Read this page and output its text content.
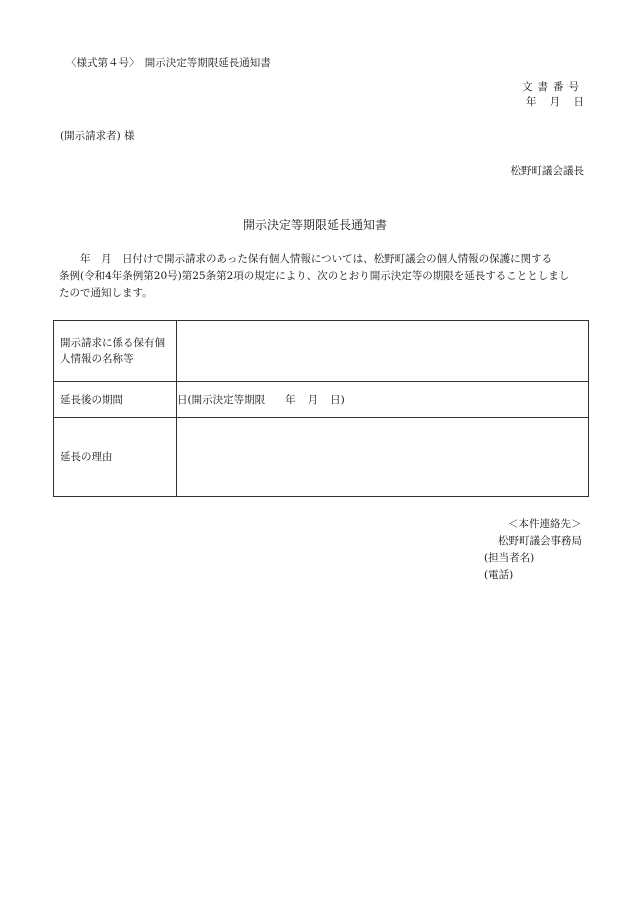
〈様式第４号〉　開示決定等期限延長通知書
文書番号
年 月 日
(開示請求者) 様
松野町議会議長
開示決定等期限延長通知書
　　年　月　日付けで開示請求のあった保有個人情報については、松野町議会の個人情報の保護に関する
条例(令和4年条例第20号)第25条第2項の規定により、次のとおり開示決定等の期限を延長することとしまし
たので通知します。
開示請求に係る保有個人情報の名称等	

延長後の期間	日(開示決定等期限 年 月 日)
延長の理由	
＜本件連絡先＞
松野町議会事務局
(担当者名)
(電話)
